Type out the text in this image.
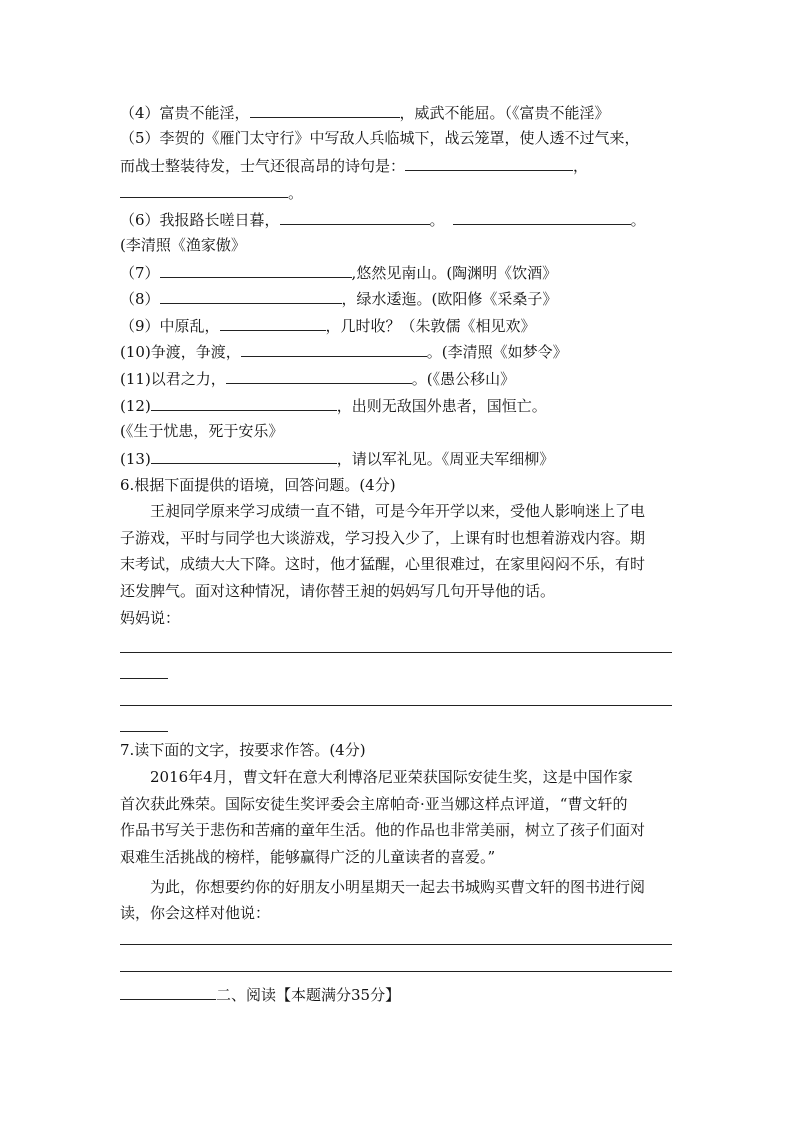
（4）富贵不能淫，	，威武不能屈。（《富贵不能淫》
（5）李贺的《雁门太守行》中写敌人兵临城下，战云笼罩，使人透不过气来，
而战士整装待发，士气还很高昂的诗句是：	，
。
（6）我报路长嗟日暮，	。	。
(李清照《渔家傲》
（7）	,悠然见南山。(陶渊明《饮酒》
（8）	，绿水逶迤。(欧阳修《采桑子》
（9）中原乱，	，几时收？（朱敦儒《相见欢》
(10)争渡，争渡，	。(李清照《如梦令》
(11)以君之力，	。(《愚公移山》
(12)	，出则无敌国外患者，国恒亡。
(《生于忧患，死于安乐》
(13)	，请以军礼见。《周亚夫军细柳》
6.根据下面提供的语境，回答问题。(4分)
王昶同学原来学习成绩一直不错，可是今年开学以来，受他人影响迷上了电
子游戏，平时与同学也大谈游戏，学习投入少了，上课有时也想着游戏内容。期
末考试，成绩大大下降。这时，他才猛醒，心里很难过，在家里闷闷不乐，有时
还发脾气。面对这种情况，请你替王昶的妈妈写几句开导他的话。
妈妈说：
7.读下面的文字，按要求作答。(4分)
2016年4月，曹文轩在意大利博洛尼亚荣获国际安徒生奖，这是中国作家
首次获此殊荣。国际安徒生奖评委会主席帕奇·亚当娜这样点评道，“曹文轩的
作品书写关于悲伤和苦痛的童年生活。他的作品也非常美丽，树立了孩子们面对
艰难生活挑战的榜样，能够赢得广泛的儿童读者的喜爱。”
为此，你想要约你的好朋友小明星期天一起去书城购买曹文轩的图书进行阅
读，你会这样对他说：
二、阅读【本题满分35分】
